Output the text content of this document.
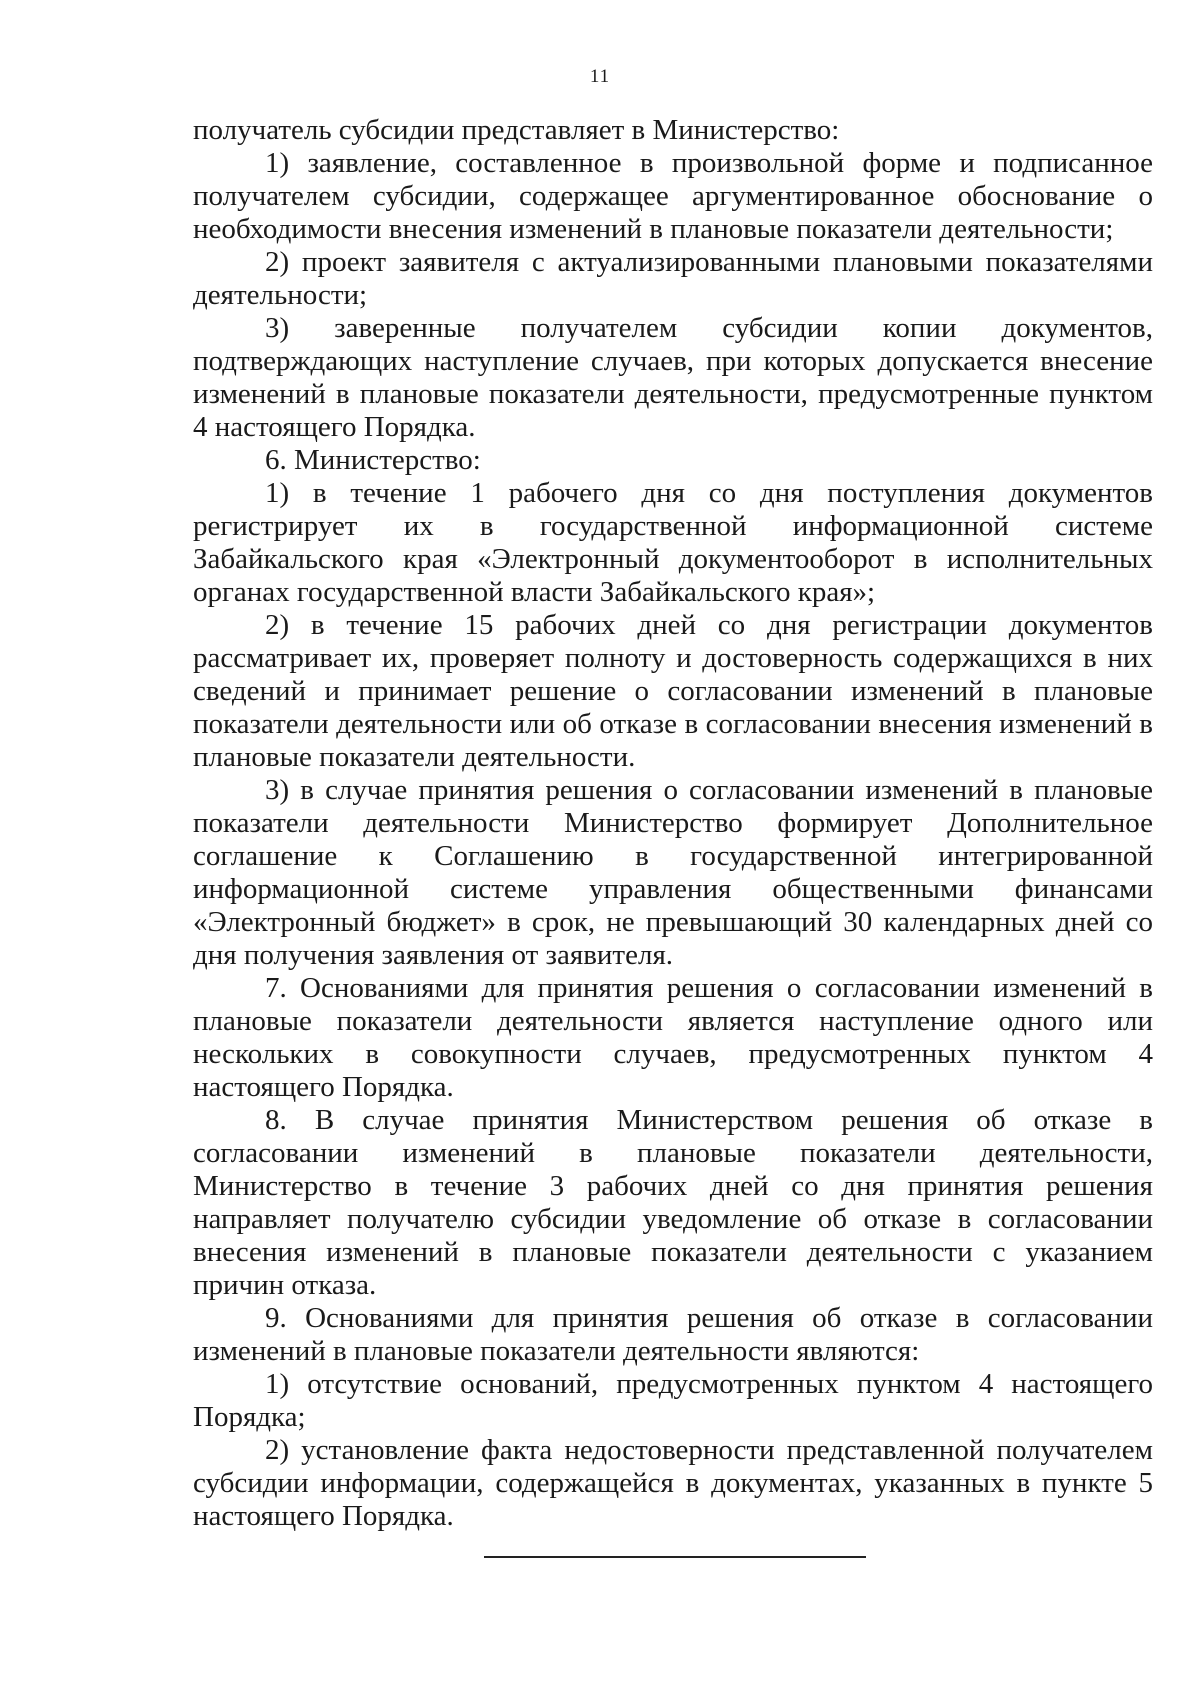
11

получатель субсидии представляет в Министерство:

1) заявление, составленное в произвольной форме и подписанное получателем субсидии, содержащее аргументированное обоснование о необходимости внесения изменений в плановые показатели деятельности;

2) проект заявителя с актуализированными плановыми показателями деятельности;

3) заверенные получателем субсидии копии документов, подтверждающих наступление случаев, при которых допускается внесение изменений в плановые показатели деятельности, предусмотренные пунктом 4 настоящего Порядка.

6. Министерство:

1) в течение 1 рабочего дня со дня поступления документов регистрирует их в государственной информационной системе Забайкальского края «Электронный документооборот в исполнительных органах государственной власти Забайкальского края»;

2) в течение 15 рабочих дней со дня регистрации документов рассматривает их, проверяет полноту и достоверность содержащихся в них сведений и принимает решение о согласовании изменений в плановые показатели деятельности или об отказе в согласовании внесения изменений в плановые показатели деятельности.

3) в случае принятия решения о согласовании изменений в плановые показатели деятельности Министерство формирует Дополнительное соглашение к Соглашению в государственной интегрированной информационной системе управления общественными финансами «Электронный бюджет» в срок, не превышающий 30 календарных дней со дня получения заявления от заявителя.

7. Основаниями для принятия решения о согласовании изменений в плановые показатели деятельности является наступление одного или нескольких в совокупности случаев, предусмотренных пунктом 4 настоящего Порядка.

8. В случае принятия Министерством решения об отказе в согласовании изменений в плановые показатели деятельности, Министерство в течение 3 рабочих дней со дня принятия решения направляет получателю субсидии уведомление об отказе в согласовании внесения изменений в плановые показатели деятельности с указанием причин отказа.

9. Основаниями для принятия решения об отказе в согласовании изменений в плановые показатели деятельности являются:

1) отсутствие оснований, предусмотренных пунктом 4 настоящего Порядка;

2) установление факта недостоверности представленной получателем субсидии информации, содержащейся в документах, указанных в пункте 5 настоящего Порядка.
